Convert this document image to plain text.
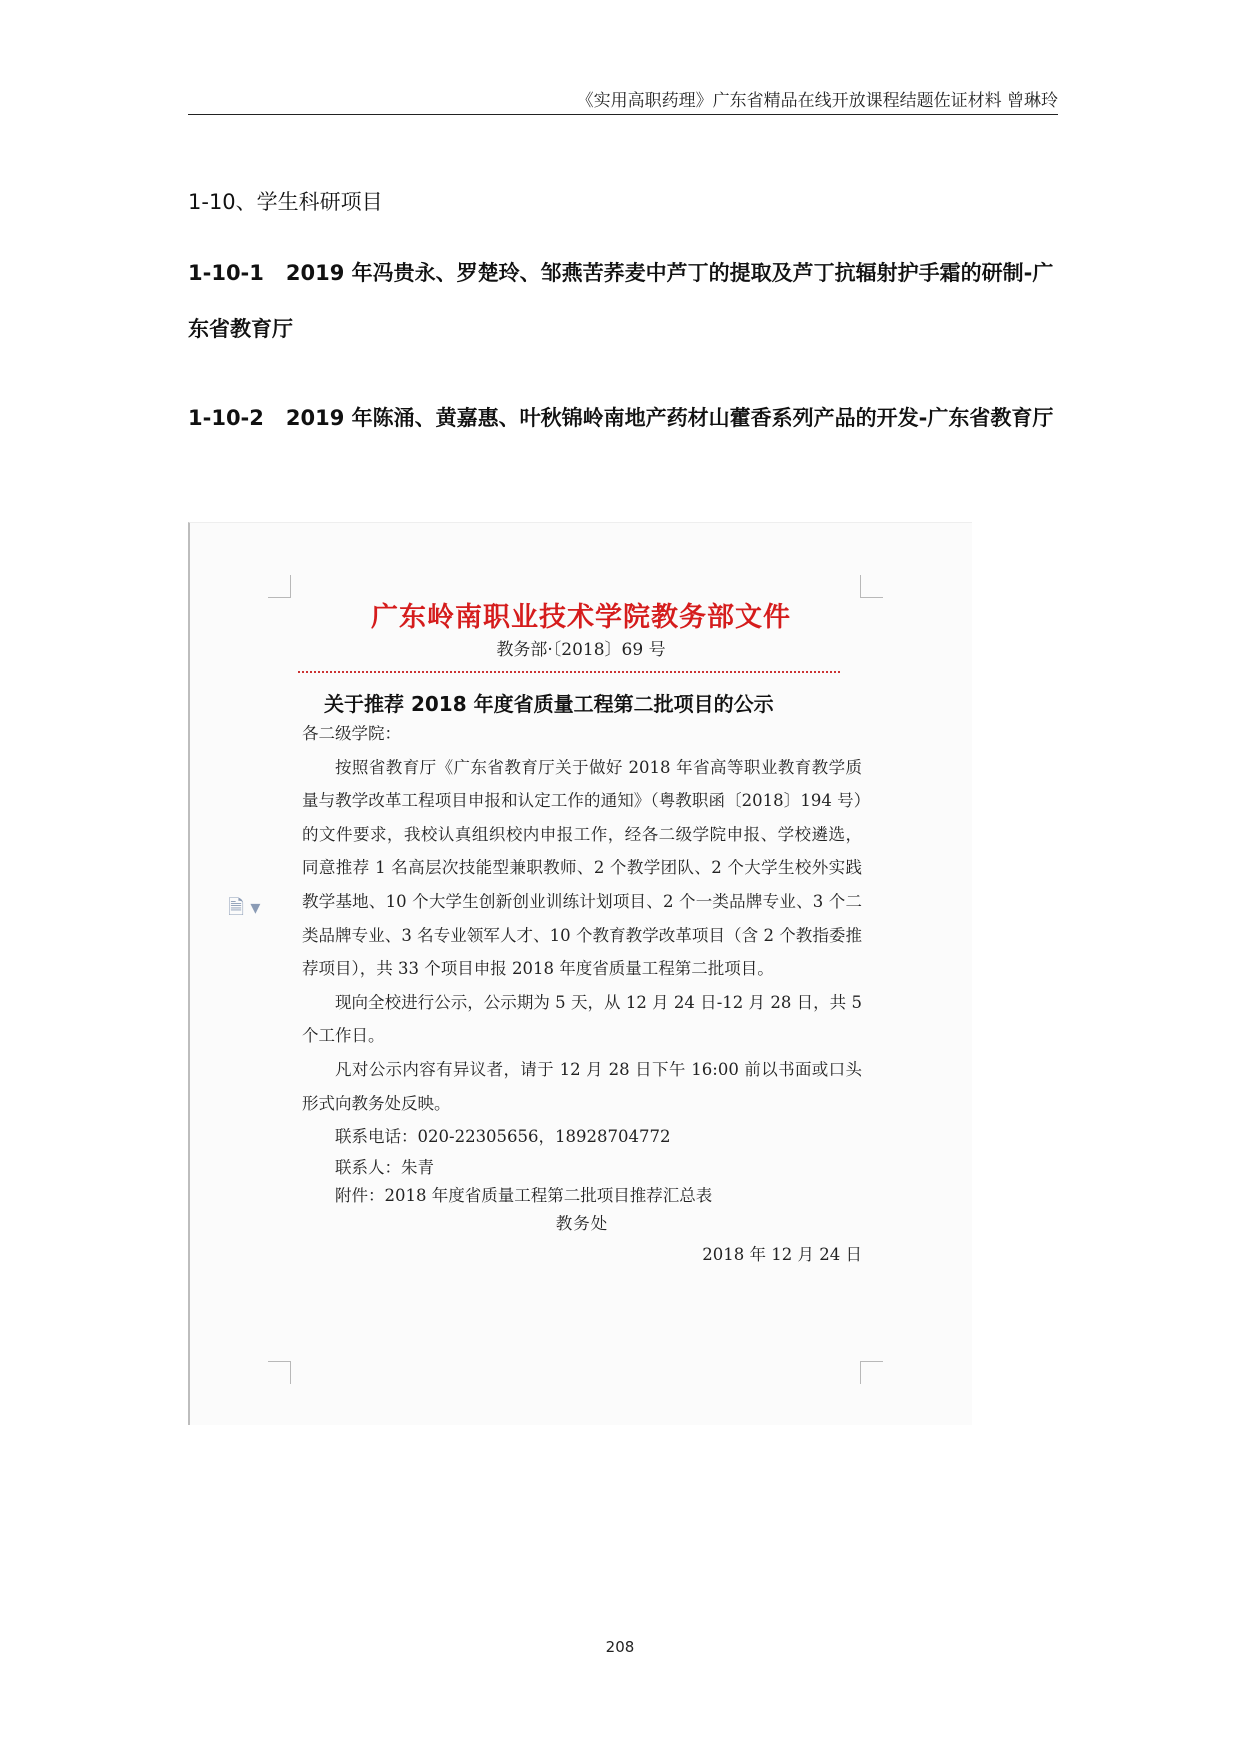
《实用高职药理》广东省精品在线开放课程结题佐证材料 曾琳玲
1-10、学生科研项目
1-10-1 2019 年冯贵永、罗楚玲、邹燕苦荞麦中芦丁的提取及芦丁抗辐射护手霜的研制-广东省教育厅
1-10-2 2019 年陈涌、黄嘉惠、叶秋锦岭南地产药材山藿香系列产品的开发-广东省教育厅
广东岭南职业技术学院教务部文件
教务部·〔2018〕69 号
关于推荐 2018 年度省质量工程第二批项目的公示
🗎 ▾

各二级学院：

按照省教育厅《广东省教育厅关于做好 2018 年省高等职业教育教学质量与教学改革工程项目申报和认定工作的通知》（粤教职函〔2018〕194 号）的文件要求，我校认真组织校内申报工作，经各二级学院申报、学校遴选，同意推荐 1 名高层次技能型兼职教师、2 个教学团队、2 个大学生校外实践教学基地、10 个大学生创新创业训练计划项目、2 个一类品牌专业、3 个二类品牌专业、3 名专业领军人才、10 个教育教学改革项目（含 2 个教指委推荐项目），共 33 个项目申报 2018 年度省质量工程第二批项目。

现向全校进行公示，公示期为 5 天，从 12 月 24 日-12 月 28 日，共 5 个工作日。

凡对公示内容有异议者，请于 12 月 28 日下午 16:00 前以书面或口头形式向教务处反映。

联系电话：020-22305656，18928704772

联系人：朱青

附件：2018 年度省质量工程第二批项目推荐汇总表

教务处

2018 年 12 月 24 日

208
